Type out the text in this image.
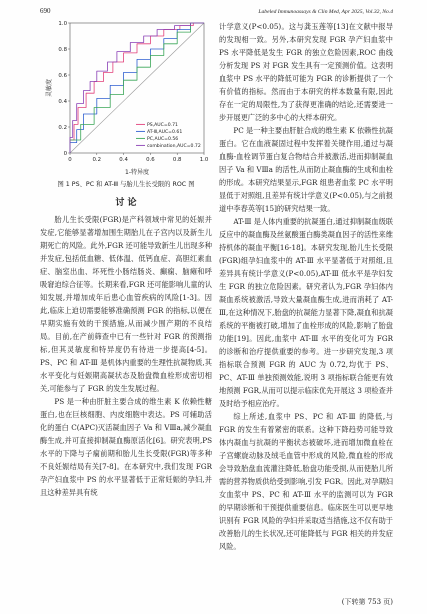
690	Labeled Immunoassays & Clin Med, Apr 2025, Vol.32, No.4
0	0.2	0.4	0.6	0.8	1.0
0
0.2
0.4
0.6
0.8
1.0
PS,AUC=0.71
AT-Ⅲ,AUC=0.61
PC,AUC=0.56
combination,AUC=0.72
灵敏度
1-特异度
图 1 PS、PC 和 AT-Ⅲ 与胎儿生长受限的 ROC 图
讨 论

胎儿生长受限(FGR)是产科领域中常见的妊娠并发症,它能够显著增加围生期胎儿在子宫内以及新生儿期死亡的风险。此外,FGR 还可能导致新生儿出现多种并发症,包括低血糖、低体温、低钙血症、高胆红素血症、脑室出血、坏死性小肠结肠炎、癫痫、脑瘫和呼吸窘迫综合征等。长期来看,FGR 还可能影响儿童的认知发展,并增加成年后患心血管疾病的风险[1-3]。因此,临床上迫切需要能够准确预测 FGR 的指标,以便在早期实施有效的干预措施,从而减少围产期的不良结局。目前,在产前筛查中已有一些针对 FGR 的预测指标,但其灵敏度和特异度仍有待进一步提高[4-5]。PS、PC 和 AT-Ⅲ 是机体内重要的生理性抗凝物质,其水平变化与妊娠期高凝状态及胎盘微血栓形成密切相关,可能参与了 FGR 的发生发展过程。

PS 是一种由肝脏主要合成的维生素 K 依赖性糖蛋白,也在巨核细胞、内皮细胞中表达。PS 可辅助活化的蛋白 C(APC)灭活凝血因子 Va 和 VⅢa,减少凝血酶生成,并可直接抑制凝血酶原活化[6]。研究表明,PS 水平的下降与子痫前期和胎儿生长受限(FGR)等多种不良妊娠结局有关[7-8]。在本研究中,我们发现 FGR 孕产妇血浆中 PS 的水平显著低于正常妊娠的孕妇,并且这种差异具有统

计学意义(P<0.05)。这与龚玉莲等[13]在文献中报导的发现相一致。另外,本研究发现 FGR 孕产妇血浆中 PS 水平降低是发生 FGR 的独立危险因素,ROC 曲线分析发现 PS 对 FGR 发生具有一定预测价值。这表明血浆中 PS 水平的降低可能为 FGR 的诊断提供了一个有价值的指标。然而由于本研究的样本数量有限,因此存在一定的局限性,为了获得更准确的结论,还需要进一步开展更广泛的多中心的大样本研究。

PC 是一种主要由肝脏合成的维生素 K 依赖性抗凝蛋白。它在血液凝固过程中发挥着关键作用,通过与凝血酶-血栓调节蛋白复合物结合并被激活,进而抑制凝血因子 Va 和 VⅢa 的活性,从而防止凝血酶的生成和血栓的形成。本研究结果显示,FGR 组患者血浆 PC 水平明显低于对照组,且差异有统计学意义(P<0.05),与之前报道中李春英等[15]的研究结果一致。

AT-Ⅲ 是人体内重要的抗凝蛋白,通过抑制凝血级联反应中的凝血酶及丝氨酸蛋白酶类凝血因子的活性来维持机体的凝血平衡[16-18]。本研究发现,胎儿生长受限(FGR)组孕妇血浆中的 AT-Ⅲ 水平显著低于对照组,且差异具有统计学意义(P<0.05),AT-Ⅲ 低水平是孕妇发生 FGR 的独立危险因素。研究者认为,FGR 孕妇体内凝血系统被激活,导致大量凝血酶生成,进而消耗了 AT-Ⅲ,在这种情况下,胎盘的抗凝能力显著下降,凝血和抗凝系统的平衡被打破,增加了血栓形成的风险,影响了胎盘功能[19]。因此,血浆中 AT-Ⅲ 水平的变化可为 FGR 的诊断和治疗提供重要的参考。进一步研究发现,3 项指标联合预测 FGR 的 AUC 为 0.72,均优于 PS、PC、AT-Ⅲ 单独预测效能,说明 3 项指标联合能更有效地预测 FGR,从而可以提示临床优先开展这 3 项检查并及时给予相应治疗。

综上所述,血浆中 PS、PC 和 AT-Ⅲ 的降低,与 FGR 的发生有着紧密的联系。这种下降趋势可能导致体内凝血与抗凝的平衡状态被破坏,进而增加微血栓在子宫螺旋动脉及绒毛血管中形成的风险,微血栓的形成会导致胎盘血流灌注降低,胎盘功能受损,从而使胎儿所需的营养物质供给受到影响,引发 FGR。因此,对孕期妇女血浆中 PS、PC 和 AT-Ⅲ 水平的监测可以为 FGR 的早期诊断和干预提供重要信息。临床医生可以更早地识别有 FGR 风险的孕妇并采取适当措施,这不仅有助于改善胎儿的生长状况,还可能降低与 FGR 相关的并发症风险。

(下转第 753 页)
